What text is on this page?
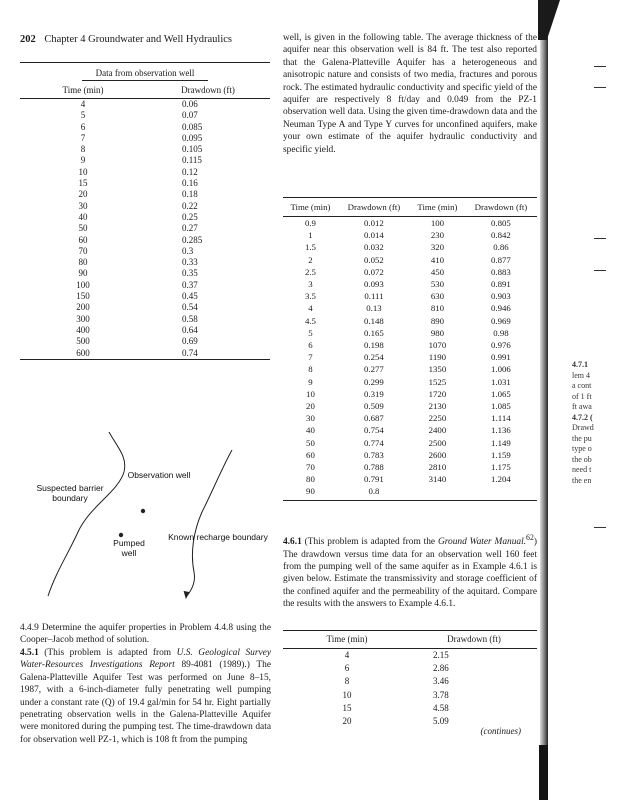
202 Chapter 4 Groundwater and Well Hydraulics
Data from observation well	
Time (min)	Drawdown (ft)
4	0.06
5	0.07
6	0.085
7	0.095
8	0.105
9	0.115
10	0.12
15	0.16
20	0.18
30	0.22
40	0.25
50	0.27
60	0.285
70	0.3
80	0.33
90	0.35
100	0.37
150	0.45
200	0.54
300	0.58
400	0.64
500	0.69
600	0.74
Suspected barrier boundary
Observation well
Pumped well
Known recharge boundary

4.4.9 Determine the aquifer properties in Problem 4.4.8 using the Cooper–Jacob method of solution.

4.5.1 (This problem is adapted from U.S. Geological Survey Water-Resources Investigations Report 89-4081 (1989).) The Galena-Platteville Aquifer Test was performed on June 8–15, 1987, with a 6-inch-diameter fully penetrating well pumping under a constant rate (Q) of 19.4 gal/min for 54 hr. Eight partially penetrating observation wells in the Galena-Platteville Aquifer were monitored during the pumping test. The time-drawdown data for observation well PZ-1, which is 108 ft from the pumping

well, is given in the following table. The average thickness of the aquifer near this observation well is 84 ft. The test also reported that the Galena-Platteville Aquifer has a heterogeneous and anisotropic nature and consists of two media, fractures and porous rock. The estimated hydraulic conductivity and specific yield of the aquifer are respectively 8 ft/day and 0.049 from the PZ-1 observation well data. Using the given time-drawdown data and the Neuman Type A and Type Y curves for unconfined aquifers, make your own estimate of the aquifer hydraulic conductivity and specific yield.

Time (min)	Drawdown (ft)	Time (min)	Drawdown (ft)
0.9	0.012	100	0.805
1	0.014	230	0.842
1.5	0.032	320	0.86
2	0.052	410	0.877
2.5	0.072	450	0.883
3	0.093	530	0.891
3.5	0.111	630	0.903
4	0.13	810	0.946
4.5	0.148	890	0.969
5	0.165	980	0.98
6	0.198	1070	0.976
7	0.254	1190	0.991
8	0.277	1350	1.006
9	0.299	1525	1.031
10	0.319	1720	1.065
20	0.509	2130	1.085
30	0.687	2250	1.114
40	0.754	2400	1.136
50	0.774	2500	1.149
60	0.783	2600	1.159
70	0.788	2810	1.175
80	0.791	3140	1.204
90	0.8		

4.6.1 (This problem is adapted from the Ground Water Manual.$^{62}$) The drawdown versus time data for an observation well 160 feet from the pumping well of the same aquifer as in Example 4.6.1 is given below. Estimate the transmissivity and storage coefficient of the confined aquifer and the permeability of the aquitard. Compare the results with the answers to Example 4.6.1.

Time (min)	Drawdown (ft)
4	2.15
6	2.86
8	3.46
10	3.78
15	4.58
20	5.09
(continues)
4.7.1
lem 4
a cont
of 1 ft
ft awa
4.7.2 (
Drawd
the pu
type o
the ob
need t
the en
